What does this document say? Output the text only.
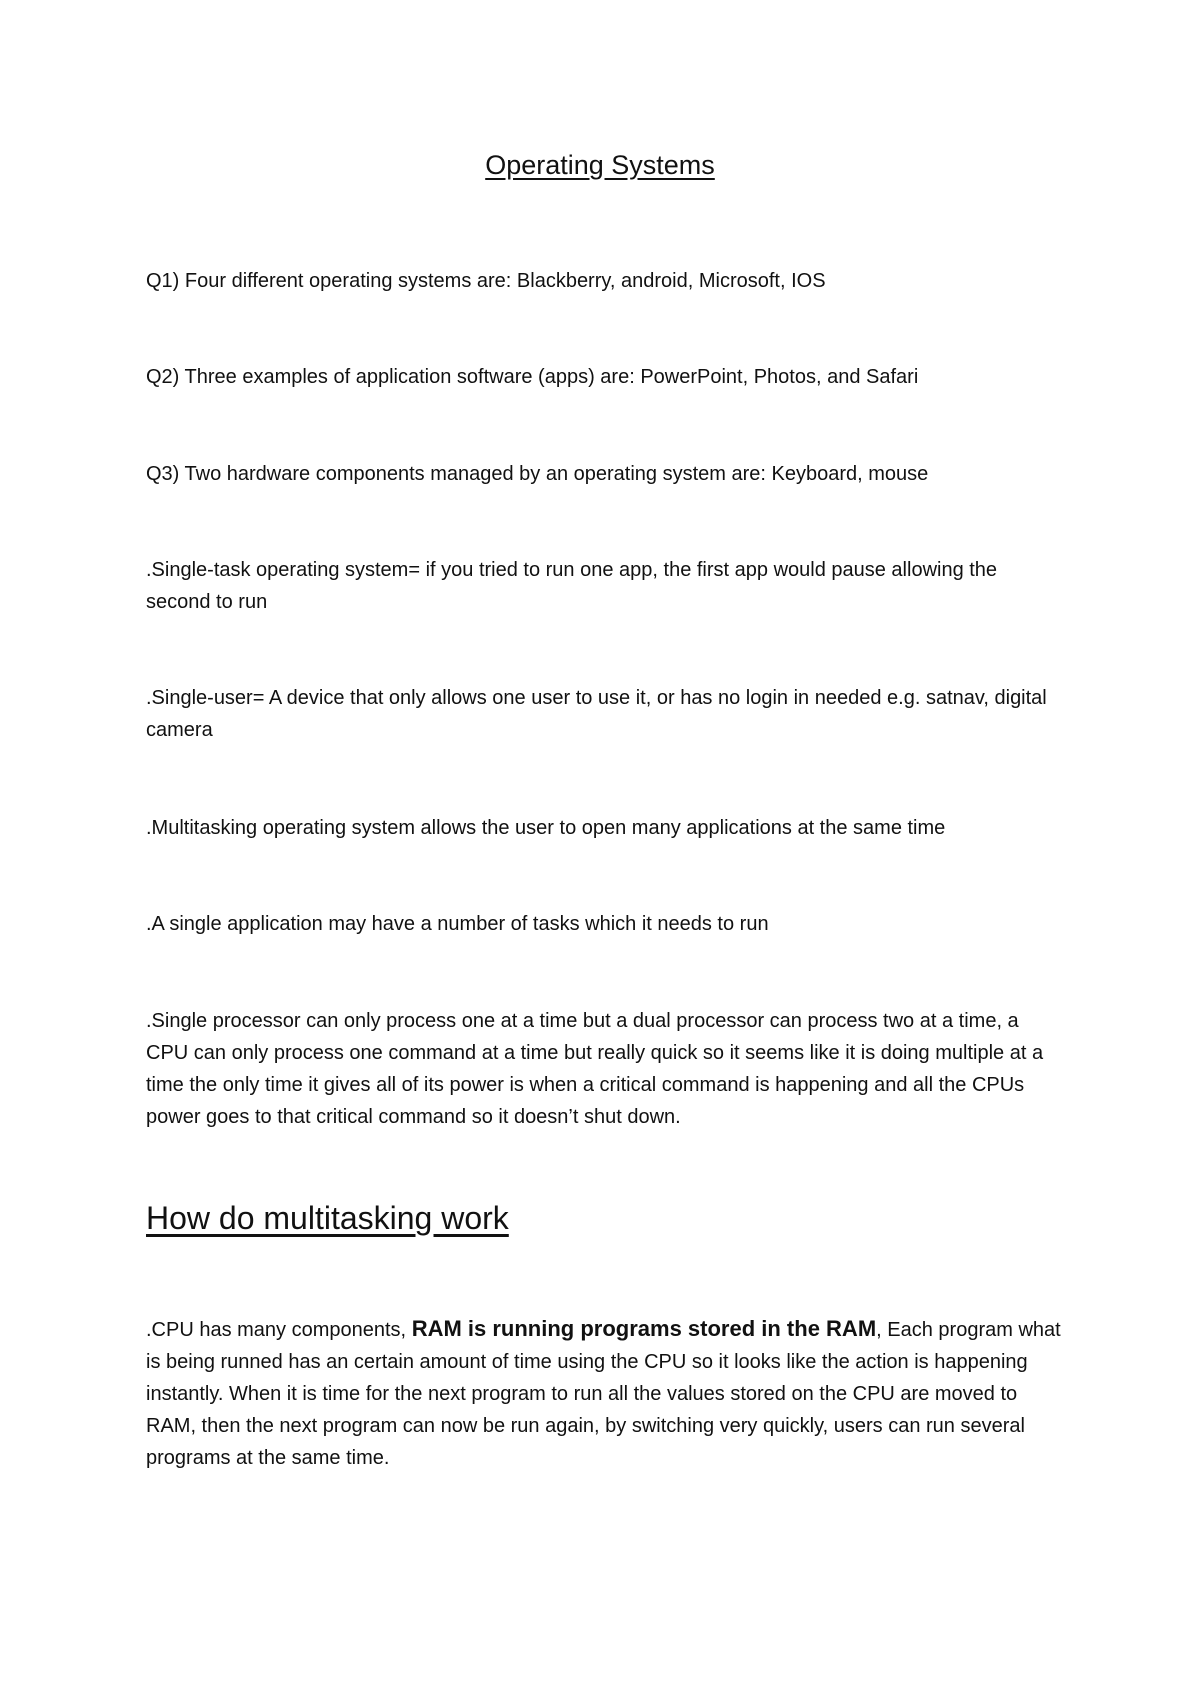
Operating Systems

Q1) Four different operating systems are: Blackberry, android, Microsoft, IOS

Q2) Three examples of application software (apps) are: PowerPoint, Photos, and Safari

Q3) Two hardware components managed by an operating system are: Keyboard, mouse

.Single-task operating system= if you tried to run one app, the first app would pause allowing the second to run

.Single-user= A device that only allows one user to use it, or has no login in needed e.g. satnav, digital camera

.Multitasking operating system allows the user to open many applications at the same time

.A single application may have a number of tasks which it needs to run

.Single processor can only process one at a time but a dual processor can process two at a time, a CPU can only process one command at a time but really quick so it seems like it is doing multiple at a time the only time it gives all of its power is when a critical command is happening and all the CPUs power goes to that critical command so it doesn’t shut down.

How do multitasking work

.CPU has many components, RAM is running programs stored in the RAM, Each program what is being runned has an certain amount of time using the CPU so it looks like the action is happening instantly. When it is time for the next program to run all the values stored on the CPU are moved to RAM, then the next program can now be run again, by switching very quickly, users can run several programs at the same time.
